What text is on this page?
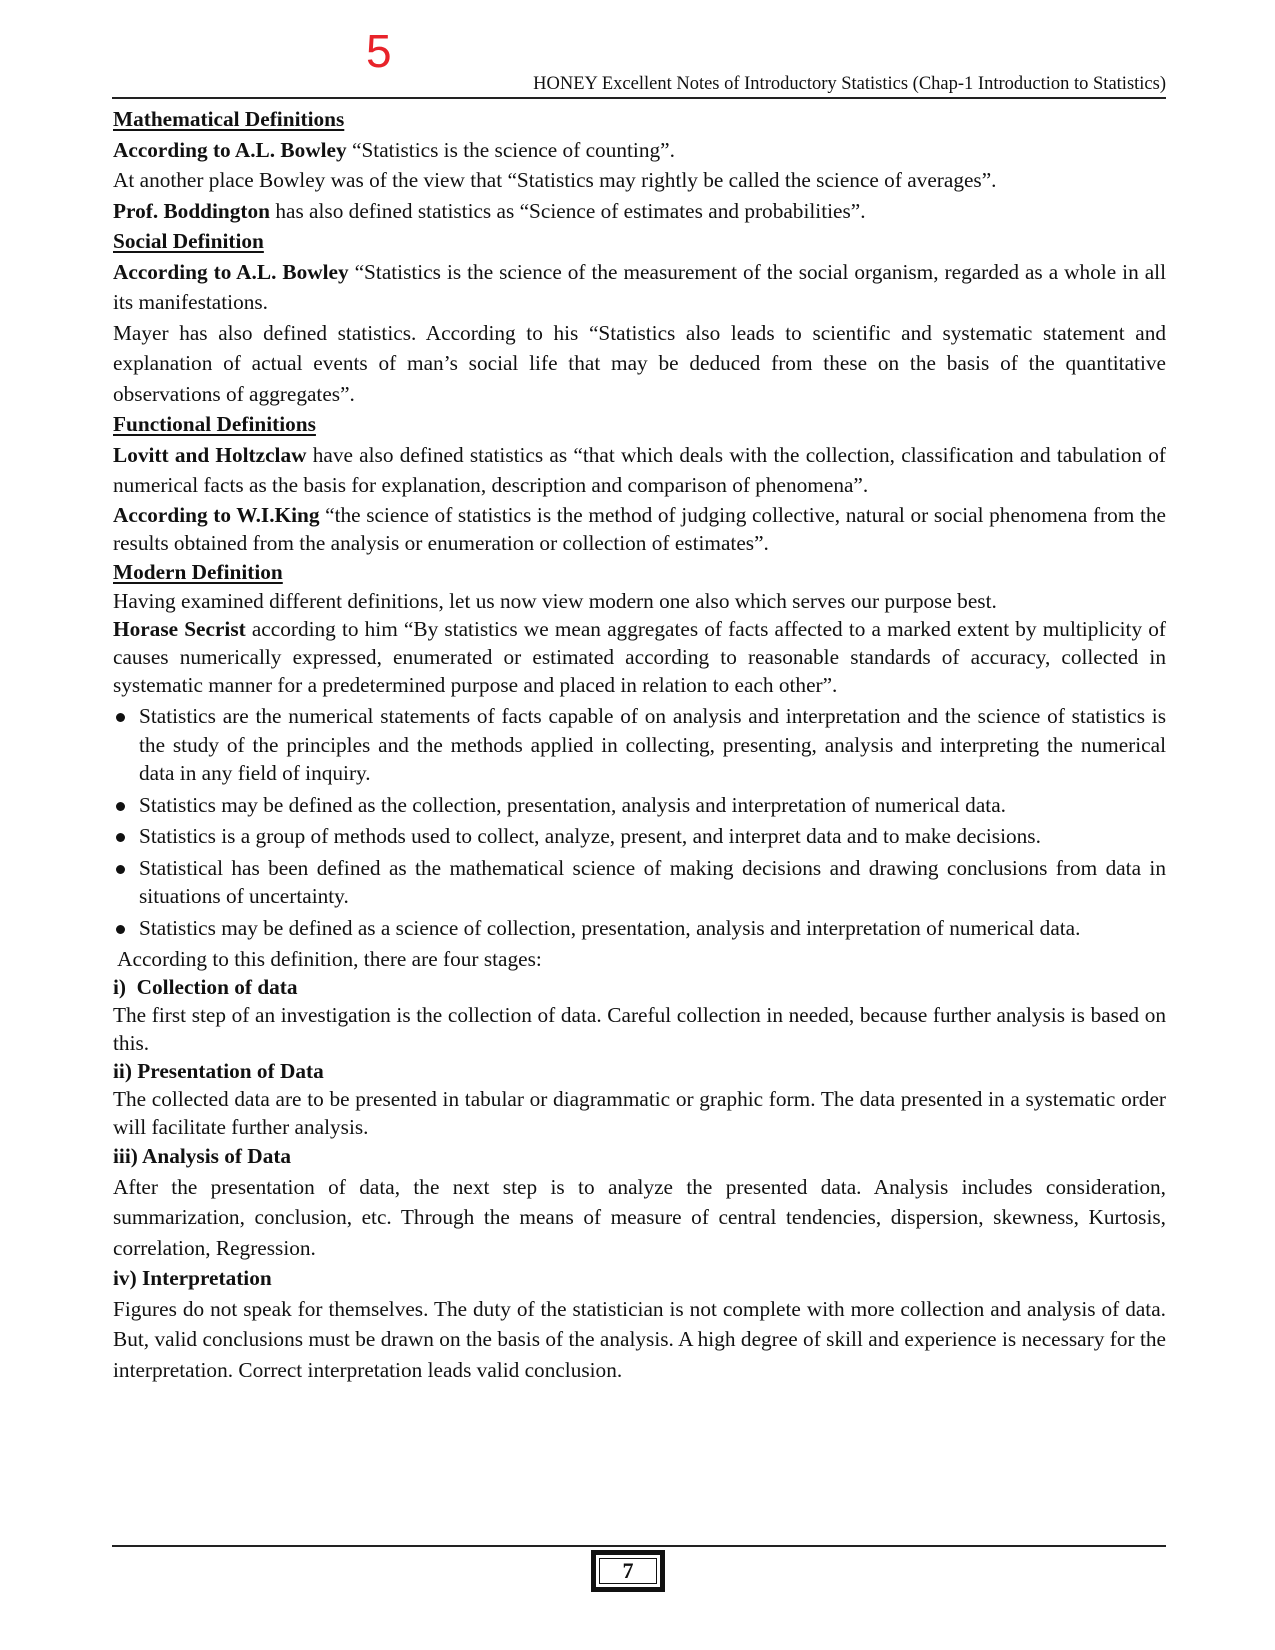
5
HONEY Excellent Notes of Introductory Statistics (Chap-1 Introduction to Statistics)

Mathematical Definitions

According to A.L. Bowley “Statistics is the science of counting”.

At another place Bowley was of the view that “Statistics may rightly be called the science of averages”.

Prof. Boddington has also defined statistics as “Science of estimates and probabilities”.

Social Definition

According to A.L. Bowley “Statistics is the science of the measurement of the social organism, regarded as a whole in all its manifestations.

Mayer has also defined statistics. According to his “Statistics also leads to scientific and systematic statement and explanation of actual events of man’s social life that may be deduced from these on the basis of the quantitative observations of aggregates”.

Functional Definitions

Lovitt and Holtzclaw have also defined statistics as “that which deals with the collection, classification and tabulation of numerical facts as the basis for explanation, description and comparison of phenomena”.

According to W.I.King “the science of statistics is the method of judging collective, natural or social phenomena from the results obtained from the analysis or enumeration or collection of estimates”.

Modern Definition

Having examined different definitions, let us now view modern one also which serves our purpose best.

Horase Secrist according to him “By statistics we mean aggregates of facts affected to a marked extent by multiplicity of causes numerically expressed, enumerated or estimated according to reasonable standards of accuracy, collected in systematic manner for a predetermined purpose and placed in relation to each other”.

Statistics are the numerical statements of facts capable of on analysis and interpretation and the science of statistics is the study of the principles and the methods applied in collecting, presenting, analysis and interpreting the numerical data in any field of inquiry.
Statistics may be defined as the collection, presentation, analysis and interpretation of numerical data.
Statistics is a group of methods used to collect, analyze, present, and interpret data and to make decisions.
Statistical has been defined as the mathematical science of making decisions and drawing conclusions from data in situations of uncertainty.
Statistics may be defined as a science of collection, presentation, analysis and interpretation of numerical data.

According to this definition, there are four stages:

i)  Collection of data

The first step of an investigation is the collection of data. Careful collection in needed, because further analysis is based on this.

ii) Presentation of Data

The collected data are to be presented in tabular or diagrammatic or graphic form. The data presented in a systematic order will facilitate further analysis.

iii) Analysis of Data

After the presentation of data, the next step is to analyze the presented data. Analysis includes consideration, summarization, conclusion, etc. Through the means of measure of central tendencies, dispersion, skewness, Kurtosis, correlation, Regression.

iv) Interpretation

Figures do not speak for themselves. The duty of the statistician is not complete with more collection and analysis of data. But, valid conclusions must be drawn on the basis of the analysis. A high degree of skill and experience is necessary for the interpretation. Correct interpretation leads valid conclusion.

7
